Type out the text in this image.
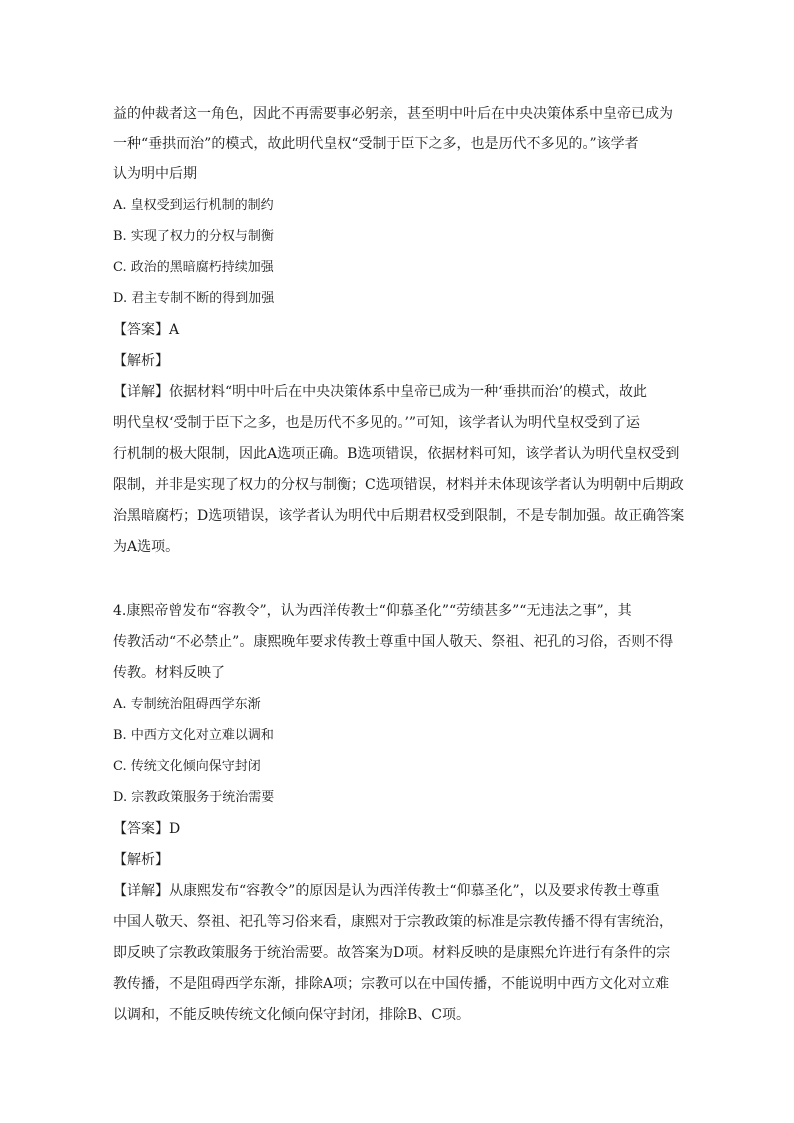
益的仲裁者这一角色，因此不再需要事必躬亲，甚至明中叶后在中央决策体系中皇帝已成为
一种“垂拱而治”的模式，故此明代皇权“受制于臣下之多，也是历代不多见的。”该学者
认为明中后期
A. 皇权受到运行机制的制约
B. 实现了权力的分权与制衡
C. 政治的黑暗腐朽持续加强
D. 君主专制不断的得到加强
【答案】A
【解析】
【详解】依据材料“明中叶后在中央决策体系中皇帝已成为一种‘垂拱而治’的模式，故此
明代皇权‘受制于臣下之多，也是历代不多见的。’”可知，该学者认为明代皇权受到了运
行机制的极大限制，因此A选项正确。B选项错误，依据材料可知，该学者认为明代皇权受到
限制，并非是实现了权力的分权与制衡；C选项错误，材料并未体现该学者认为明朝中后期政
治黑暗腐朽；D选项错误，该学者认为明代中后期君权受到限制，不是专制加强。故正确答案
为A选项。
4.康熙帝曾发布“容教令”，认为西洋传教士“仰慕圣化”“劳绩甚多”“无违法之事”，其
传教活动“不必禁止”。康熙晚年要求传教士尊重中国人敬天、祭祖、祀孔的习俗，否则不得
传教。材料反映了
A. 专制统治阻碍西学东渐
B. 中西方文化对立难以调和
C. 传统文化倾向保守封闭
D. 宗教政策服务于统治需要
【答案】D
【解析】
【详解】从康熙发布“容教令”的原因是认为西洋传教士“仰慕圣化”，以及要求传教士尊重
中国人敬天、祭祖、祀孔等习俗来看，康熙对于宗教政策的标准是宗教传播不得有害统治，
即反映了宗教政策服务于统治需要。故答案为D项。材料反映的是康熙允许进行有条件的宗
教传播，不是阻碍西学东渐，排除A项；宗教可以在中国传播，不能说明中西方文化对立难
以调和，不能反映传统文化倾向保守封闭，排除B、C项。
